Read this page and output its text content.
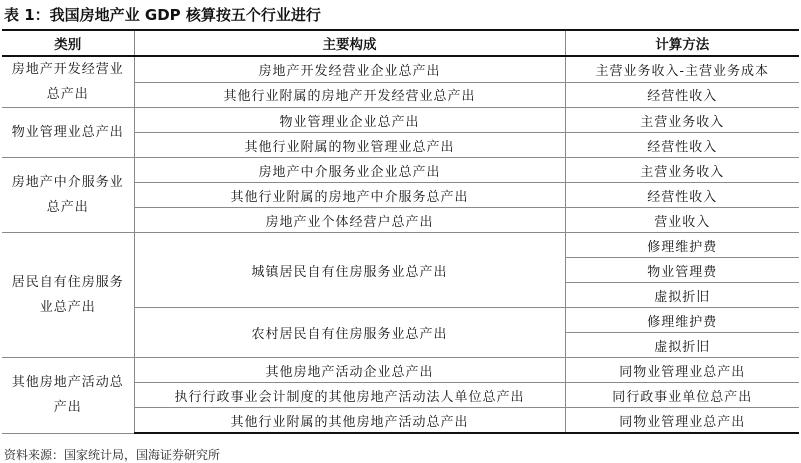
表 1：我国房地产业 GDP 核算按五个行业进行
类别	主要构成	计算方法
房地产开发经营业总产出	房地产开发经营业企业总产出	主营业务收入-主营业务成本
	其他行业附属的房地产开发经营业总产出	经营性收入
物业管理业总产出	物业管理业企业总产出	主营业务收入
	其他行业附属的物业管理业总产出	经营性收入
房地产中介服务业总产出	房地产中介服务业企业总产出	主营业务收入
	其他行业附属的房地产中介服务总产出	经营性收入
	房地产业个体经营户总产出	营业收入
居民自有住房服务业总产出	城镇居民自有住房服务业总产出	修理维护费
		物业管理费
		虚拟折旧
	农村居民自有住房服务业总产出	修理维护费
		虚拟折旧
其他房地产活动总产出	其他房地产活动企业总产出	同物业管理业总产出
	执行行政事业会计制度的其他房地产活动法人单位总产出	同行政事业单位总产出
	其他行业附属的其他房地产活动总产出	同物业管理业总产出
资料来源：国家统计局，国海证券研究所
